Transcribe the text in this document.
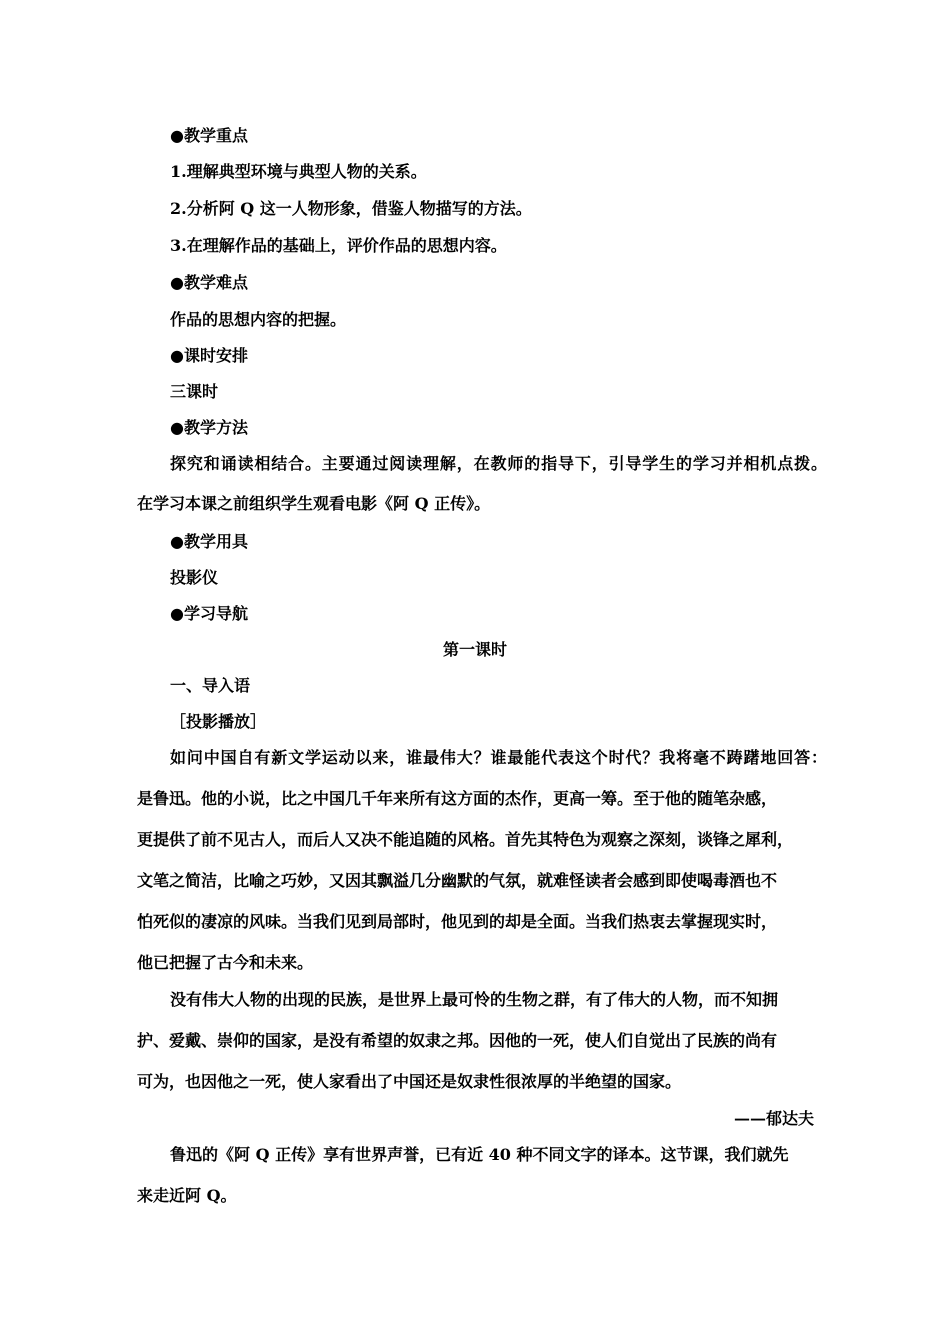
●教学重点
1.理解典型环境与典型人物的关系。
2.分析阿 Q 这一人物形象，借鉴人物描写的方法。
3.在理解作品的基础上，评价作品的思想内容。
●教学难点
作品的思想内容的把握。
●课时安排
三课时
●教学方法
探究和诵读相结合。主要通过阅读理解，在教师的指导下，引导学生的学习并相机点拨。
在学习本课之前组织学生观看电影《阿 Q 正传》。
●教学用具
投影仪
●学习导航
第一课时
一、导入语
［投影播放］
如问中国自有新文学运动以来，谁最伟大？谁最能代表这个时代？我将毫不踌躇地回答：
是鲁迅。他的小说，比之中国几千年来所有这方面的杰作，更高一筹。至于他的随笔杂感，
更提供了前不见古人，而后人又决不能追随的风格。首先其特色为观察之深刻，谈锋之犀利，
文笔之简洁，比喻之巧妙，又因其飘溢几分幽默的气氛，就难怪读者会感到即使喝毒酒也不
怕死似的凄凉的风味。当我们见到局部时，他见到的却是全面。当我们热衷去掌握现实时，
他已把握了古今和未来。
没有伟大人物的出现的民族，是世界上最可怜的生物之群，有了伟大的人物，而不知拥
护、爱戴、崇仰的国家，是没有希望的奴隶之邦。因他的一死，使人们自觉出了民族的尚有
可为，也因他之一死，使人家看出了中国还是奴隶性很浓厚的半绝望的国家。
——郁达夫
鲁迅的《阿 Q 正传》享有世界声誉，已有近 40 种不同文字的译本。这节课，我们就先
来走近阿 Q。
